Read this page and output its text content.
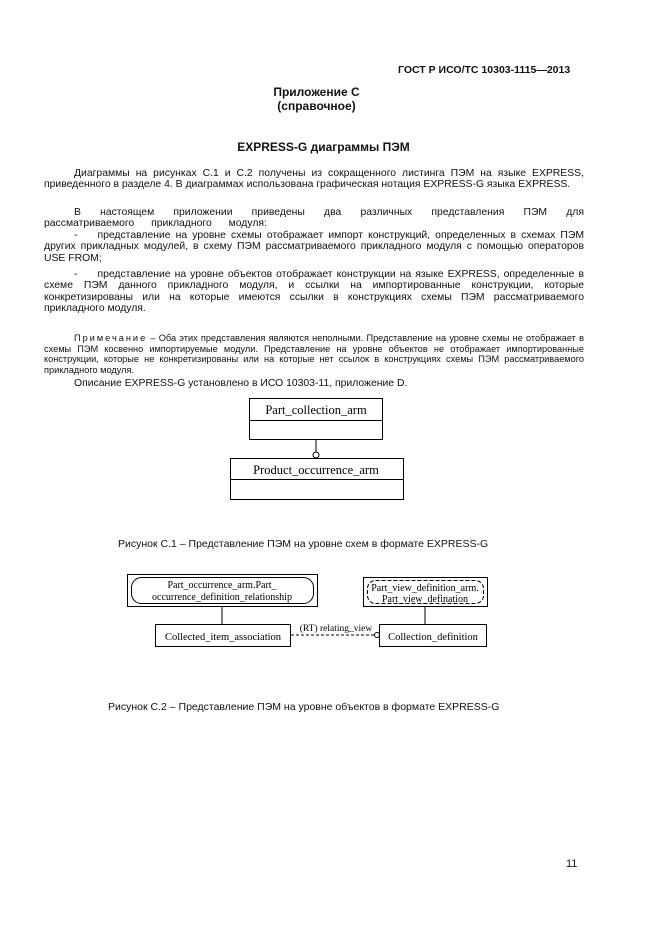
ГОСТ Р ИСО/ТС 10303-1115—2013
Приложение С
(справочное)
EXPRESS-G диаграммы ПЭМ
Диаграммы на рисунках С.1 и С.2 получены из сокращенного листинга ПЭМ на языке EXPRESS, приведенного в разделе 4. В диаграммах использована графическая нотация EXPRESS-G языка EXPRESS.
В настоящем приложении приведены два различных представления ПЭМ для рассматриваемого прикладного модуля:
- представление на уровне схемы отображает импорт конструкций, определенных в схемах ПЭМ других прикладных модулей, в схему ПЭМ рассматриваемого прикладного модуля с помощью операторов USE FROM;
- представление на уровне объектов отображает конструкции на языке EXPRESS, определенные в схеме ПЭМ данного прикладного модуля, и ссылки на импортированные конструкции, которые конкретизированы или на которые имеются ссылки в конструкциях схемы ПЭМ рассматриваемого прикладного модуля.
Примечание – Оба этих представления являются неполными. Представление на уровне схемы не отображает в схемы ПЭМ косвенно импортируемые модули. Представление на уровне объектов не отображает импортированные конструкции, которые не конкретизированы или на которые нет ссылок в конструкциях схемы ПЭМ рассматриваемого прикладного модуля.
Описание EXPRESS-G установлено в ИСО 10303-11, приложение D.
Part_collection_arm
Product_occurrence_arm
Part_occurrence_arm.Part_
occurrence_definition_relationship
Part_view_definition_arm.
Part_view_defination
Collected_item_association	Collection_definition
(RT) relating_view
Рисунок С.1 – Представление ПЭМ на уровне схем в формате EXPRESS-G
Рисунок С.2 – Представление ПЭМ на уровне объектов в формате EXPRESS-G
11
